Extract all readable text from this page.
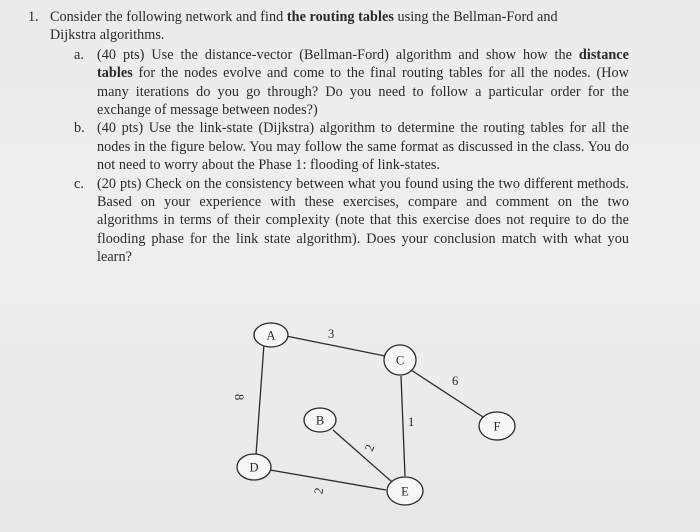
1. Consider the following network and find the routing tables using the Bellman-Ford and Dijkstra algorithms.
a. (40 pts) Use the distance-vector (Bellman-Ford) algorithm and show how the distance tables for the nodes evolve and come to the final routing tables for all the nodes. (How many iterations do you go through? Do you need to follow a particular order for the exchange of message between nodes?)
b. (40 pts) Use the link-state (Dijkstra) algorithm to determine the routing tables for all the nodes in the figure below. You may follow the same format as discussed in the class. You do not need to worry about the Phase 1: flooding of link-states.
c. (20 pts) Check on the consistency between what you found using the two different methods. Based on your experience with these exercises, compare and comment on the two algorithms in terms of their complexity (note that this exercise does not require to do the flooding phase for the link state algorithm). Does your conclusion match with what you learn?
3
8
1
6
2
2
A
B
C
D
E
F
